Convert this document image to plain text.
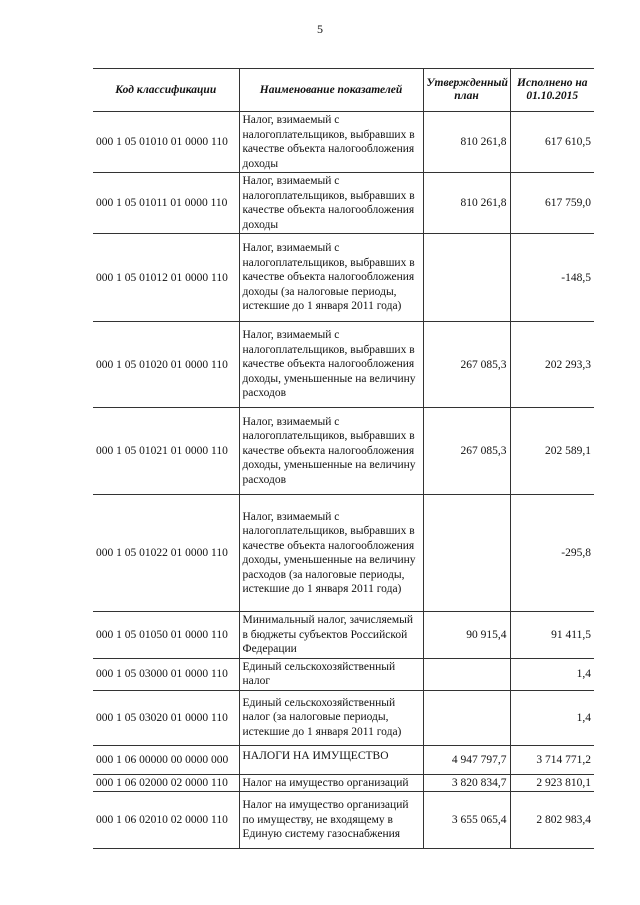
5
Код классификации	Наименование показателей	Утвержденный план	Исполнено на 01.10.2015
000 1 05 01010 01 0000 110	Налог, взимаемый с налогоплательщиков, выбравших в качестве объекта налогообложения доходы	810 261,8	617 610,5
000 1 05 01011 01 0000 110	Налог, взимаемый с налогоплательщиков, выбравших в качестве объекта налогообложения доходы	810 261,8	617 759,0
000 1 05 01012 01 0000 110	Налог, взимаемый с налогоплательщиков, выбравших в качестве объекта налогообложения доходы (за налоговые периоды, истекшие до 1 января 2011 года)		-148,5
000 1 05 01020 01 0000 110	Налог, взимаемый с налогоплательщиков, выбравших в качестве объекта налогообложения доходы, уменьшенные на величину расходов	267 085,3	202 293,3
000 1 05 01021 01 0000 110	Налог, взимаемый с налогоплательщиков, выбравших в качестве объекта налогообложения доходы, уменьшенные на величину расходов	267 085,3	202 589,1
000 1 05 01022 01 0000 110	Налог, взимаемый с налогоплательщиков, выбравших в качестве объекта налогообложения доходы, уменьшенные на величину расходов (за налоговые периоды, истекшие до 1 января 2011 года)		-295,8
000 1 05 01050 01 0000 110	Минимальный налог, зачисляемый в бюджеты субъектов Российской Федерации	90 915,4	91 411,5
000 1 05 03000 01 0000 110	Единый сельскохозяйственный налог		1,4
000 1 05 03020 01 0000 110	Единый сельскохозяйственный налог (за налоговые периоды, истекшие до 1 января 2011 года)		1,4
000 1 06 00000 00 0000 000	НАЛОГИ НА ИМУЩЕСТВО	4 947 797,7	3 714 771,2
000 1 06 02000 02 0000 110	Налог на имущество организаций	3 820 834,7	2 923 810,1
000 1 06 02010 02 0000 110	Налог на имущество организаций по имуществу, не входящему в Единую систему газоснабжения	3 655 065,4	2 802 983,4
